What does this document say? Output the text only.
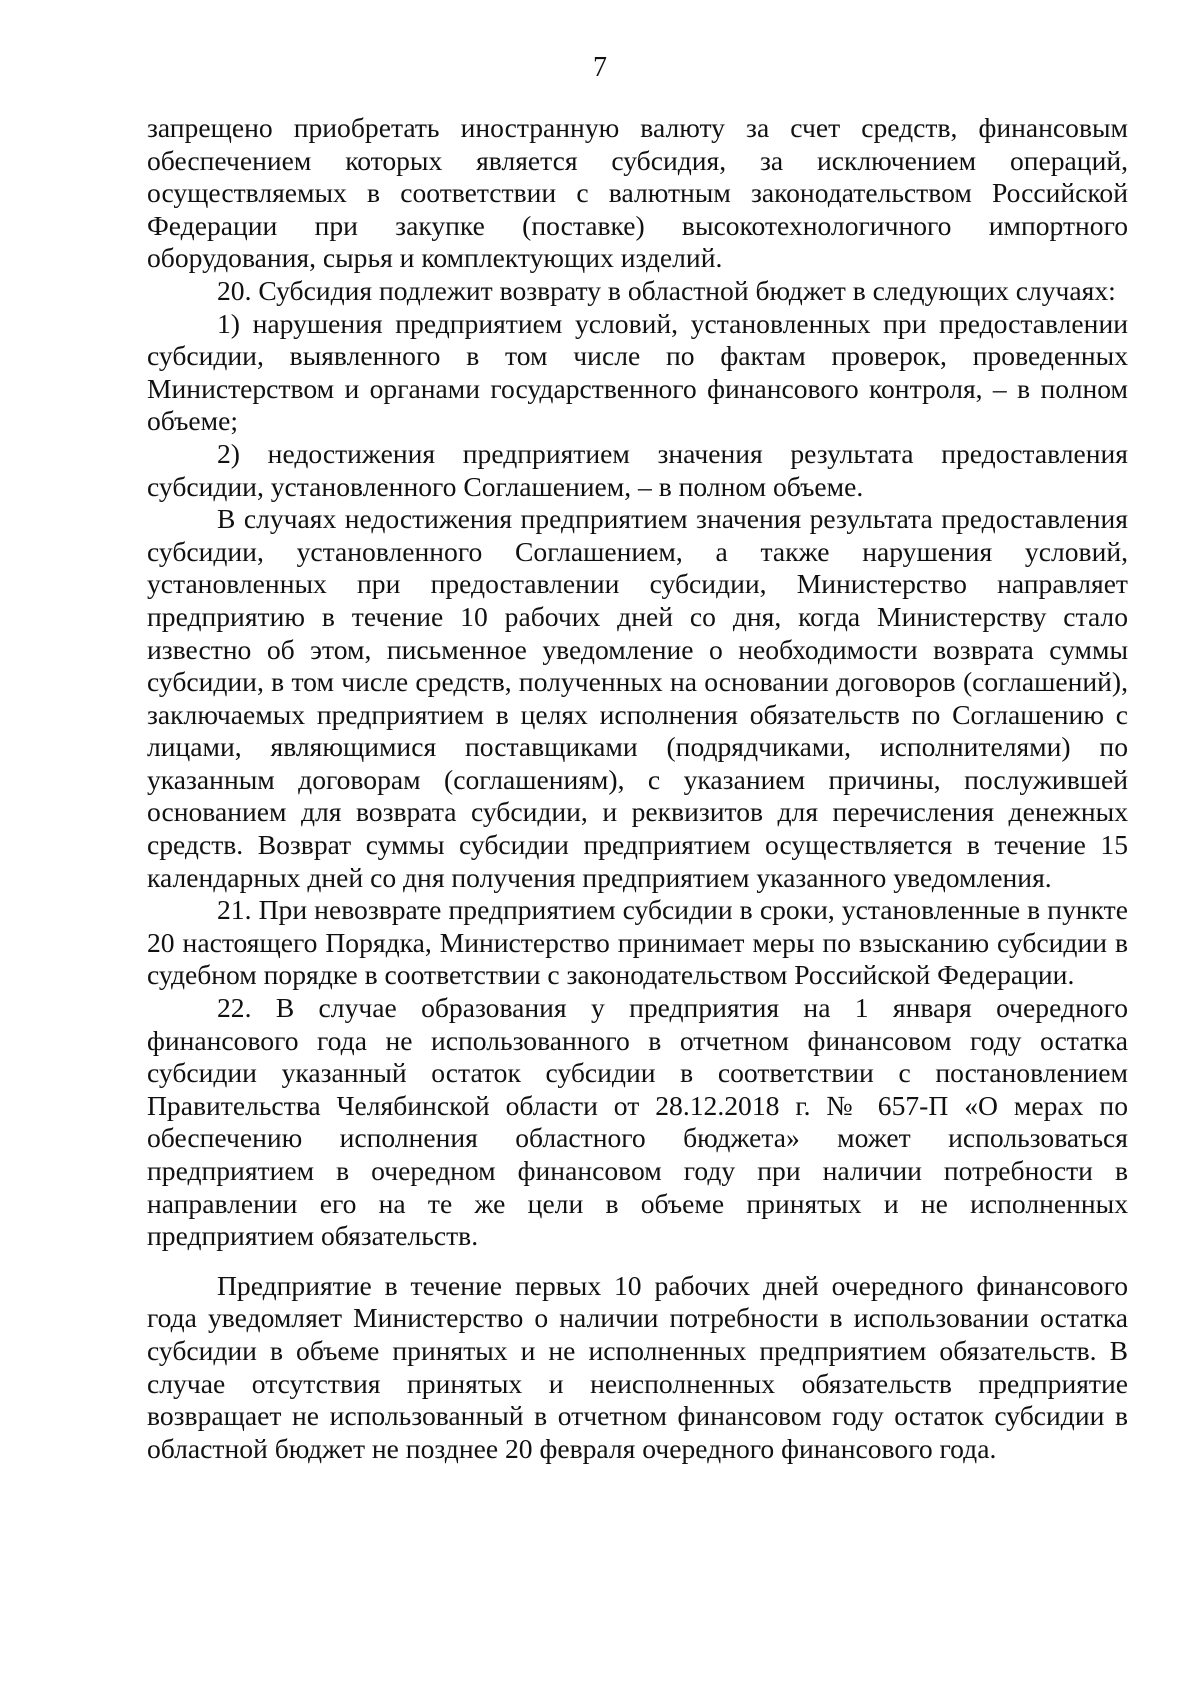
7

запрещено приобретать иностранную валюту за счет средств, финансовым обеспечением которых является субсидия, за исключением операций, осуществляемых в соответствии с валютным законодательством Российской Федерации при закупке (поставке) высокотехнологичного импортного оборудования, сырья и комплектующих изделий.

20. Субсидия подлежит возврату в областной бюджет в следующих случаях:

1) нарушения предприятием условий, установленных при предоставлении субсидии, выявленного в том числе по фактам проверок, проведенных Министерством и органами государственного финансового контроля, – в полном объеме;

2) недостижения предприятием значения результата предоставления субсидии, установленного Соглашением, – в полном объеме.

В случаях недостижения предприятием значения результата предоставления субсидии, установленного Соглашением, а также нарушения условий, установленных при предоставлении субсидии, Министерство направляет предприятию в течение 10 рабочих дней со дня, когда Министерству стало известно об этом, письменное уведомление о необходимости возврата суммы субсидии, в том числе средств, полученных на основании договоров (соглашений), заключаемых предприятием в целях исполнения обязательств по Соглашению с лицами, являющимися поставщиками (подрядчиками, исполнителями) по указанным договорам (соглашениям), с указанием причины, послужившей основанием для возврата субсидии, и реквизитов для перечисления денежных средств. Возврат суммы субсидии предприятием осуществляется в течение 15 календарных дней со дня получения предприятием указанного уведомления.

21. При невозврате предприятием субсидии в сроки, установленные в пункте 20 настоящего Порядка, Министерство принимает меры по взысканию субсидии в судебном порядке в соответствии с законодательством Российской Федерации.

22. В случае образования у предприятия на 1 января очередного финансового года не использованного в отчетном финансовом году остатка субсидии указанный остаток субсидии в соответствии с постановлением Правительства Челябинской области от 28.12.2018 г. № 657-П «О мерах по обеспечению исполнения областного бюджета» может использоваться предприятием в очередном финансовом году при наличии потребности в направлении его на те же цели в объеме принятых и не исполненных предприятием обязательств.

Предприятие в течение первых 10 рабочих дней очередного финансового года уведомляет Министерство о наличии потребности в использовании остатка субсидии в объеме принятых и не исполненных предприятием обязательств. В случае отсутствия принятых и неисполненных обязательств предприятие возвращает не использованный в отчетном финансовом году остаток субсидии в областной бюджет не позднее 20 февраля очередного финансового года.
